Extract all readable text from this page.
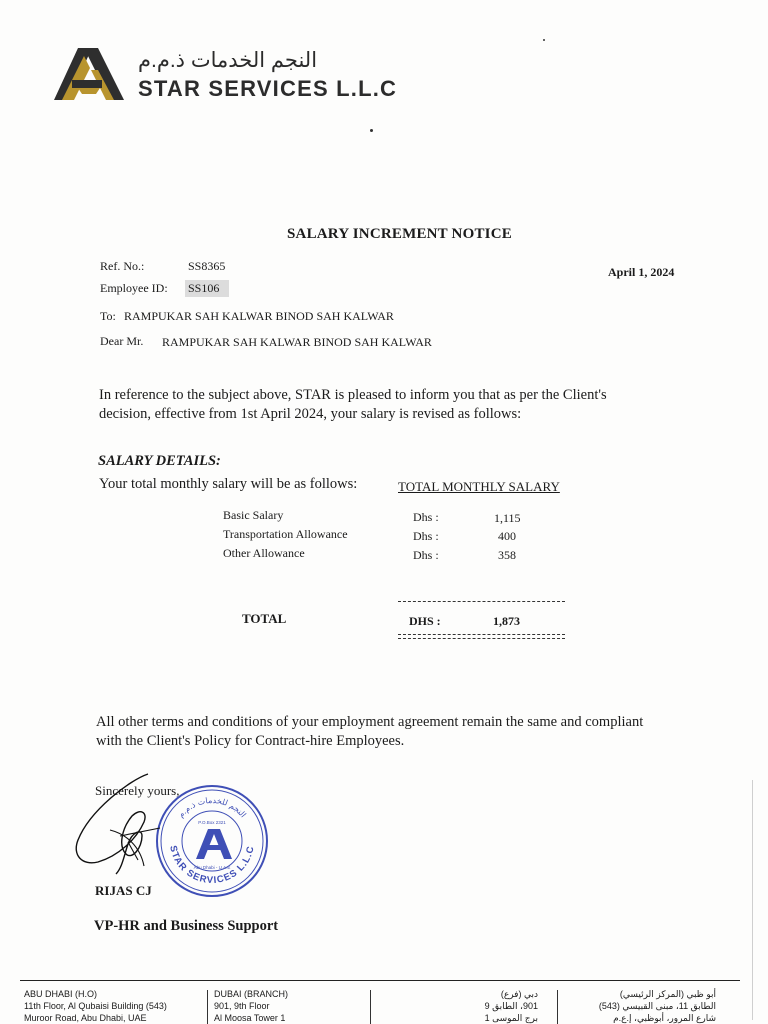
النجم الخدمات ذ.م.م
STAR SERVICES L.L.C
SALARY INCREMENT NOTICE
Ref. No.:	SS8365	April 1, 2024
Employee ID: SS106
To: RAMPUKAR SAH KALWAR BINOD SAH KALWAR
Dear Mr. RAMPUKAR SAH KALWAR BINOD SAH KALWAR
In reference to the subject above, STAR is pleased to inform you that as per the Client's
decision, effective from 1st April 2024, your salary is revised as follows:
SALARY DETAILS:
Your total monthly salary will be as follows:	TOTAL MONTHLY SALARY
Basic Salary	Dhs :	1,115
Transportation Allowance	Dhs :	400
Other Allowance	Dhs :	358
TOTAL	DHS :	1,873
All other terms and conditions of your employment agreement remain the same and compliant
with the Client's Policy for Contract-hire Employees.
Sincerely yours,
STAR SERVICES L.L.C
النجم للخدمات ذ.م.م
Abu Dhabi - U.A.E
P.O.Box 2321
RIJAS CJ
VP-HR and Business Support
ABU DHABI (H.O)
11th Floor, Al Qubaisi Building (543)
Muroor Road, Abu Dhabi, UAE
DUBAI (BRANCH)
901, 9th Floor
Al Moosa Tower 1
دبي (فرع)
901، الطابق 9
برج الموسى 1
أبو ظبي (المركز الرئيسي)
الطابق 11، مبنى القبيسي (543)
شارع المرور، أبوظبي، إ.ع.م
